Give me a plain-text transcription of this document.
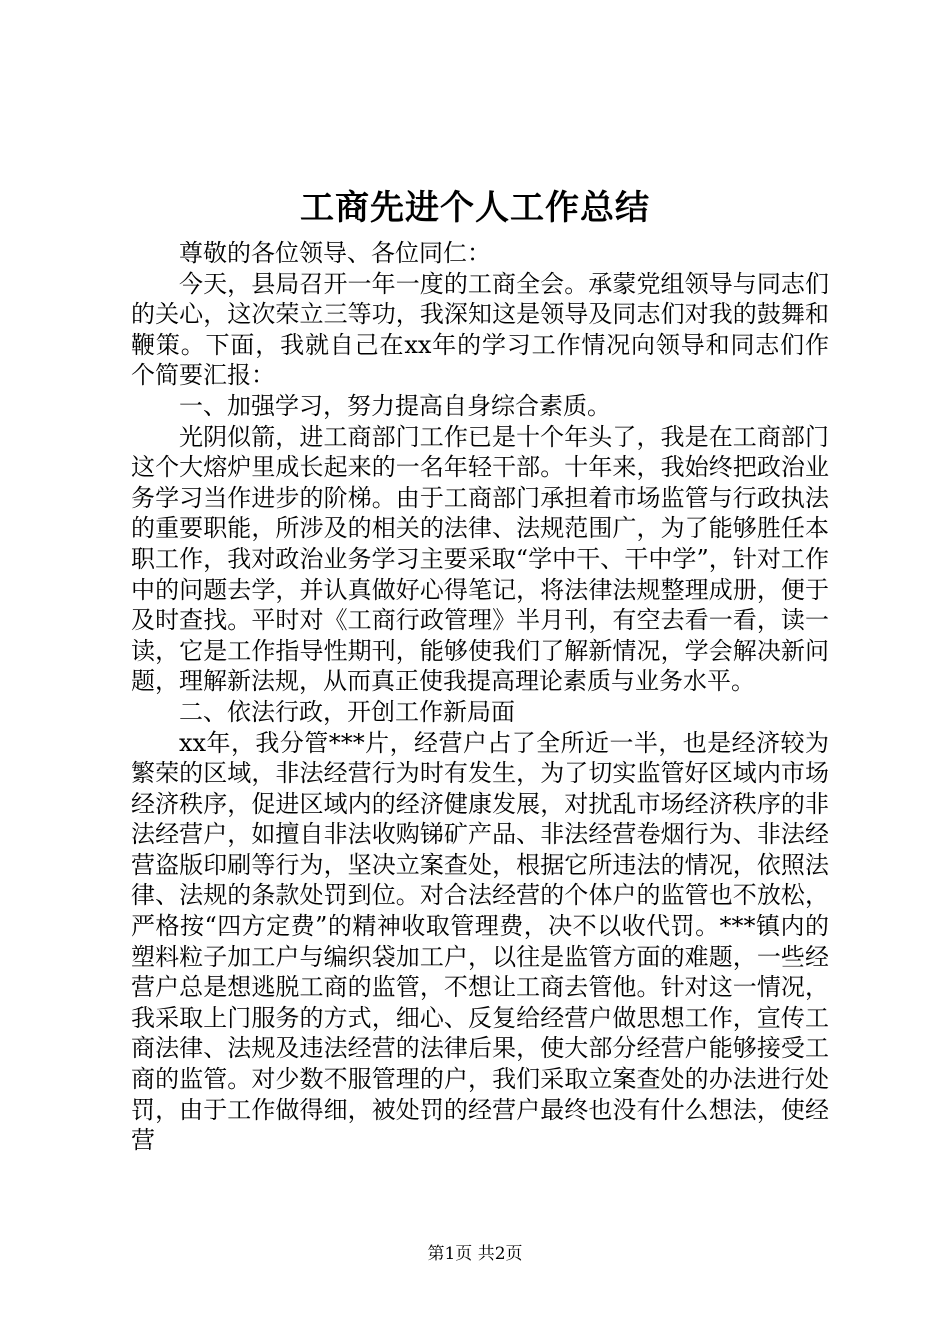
工商先进个人工作总结

尊敬的各位领导、各位同仁：

今天，县局召开一年一度的工商全会。承蒙党组领导与同志们的关心，这次荣立三等功，我深知这是领导及同志们对我的鼓舞和鞭策。下面，我就自己在xx年的学习工作情况向领导和同志们作个简要汇报：

一、加强学习，努力提高自身综合素质。

光阴似箭，进工商部门工作已是十个年头了，我是在工商部门这个大熔炉里成长起来的一名年轻干部。十年来，我始终把政治业务学习当作进步的阶梯。由于工商部门承担着市场监管与行政执法的重要职能，所涉及的相关的法律、法规范围广，为了能够胜任本职工作，我对政治业务学习主要采取“学中干、干中学”，针对工作中的问题去学，并认真做好心得笔记，将法律法规整理成册，便于及时查找。平时对《工商行政管理》半月刊，有空去看一看，读一读，它是工作指导性期刊，能够使我们了解新情况，学会解决新问题，理解新法规，从而真正使我提高理论素质与业务水平。

二、依法行政，开创工作新局面

xx年，我分管***片，经营户占了全所近一半，也是经济较为繁荣的区域，非法经营行为时有发生，为了切实监管好区域内市场经济秩序，促进区域内的经济健康发展，对扰乱市场经济秩序的非法经营户，如擅自非法收购锑矿产品、非法经营卷烟行为、非法经营盗版印刷等行为，坚决立案查处，根据它所违法的情况，依照法律、法规的条款处罚到位。对合法经营的个体户的监管也不放松，严格按“四方定费”的精神收取管理费，决不以收代罚。***镇内的塑料粒子加工户与编织袋加工户，以往是监管方面的难题，一些经营户总是想逃脱工商的监管，不想让工商去管他。针对这一情况，我采取上门服务的方式，细心、反复给经营户做思想工作，宣传工商法律、法规及违法经营的法律后果，使大部分经营户能够接受工商的监管。对少数不服管理的户，我们采取立案查处的办法进行处罚，由于工作做得细，被处罚的经营户最终也没有什么想法，使经营

第1页 共2页
